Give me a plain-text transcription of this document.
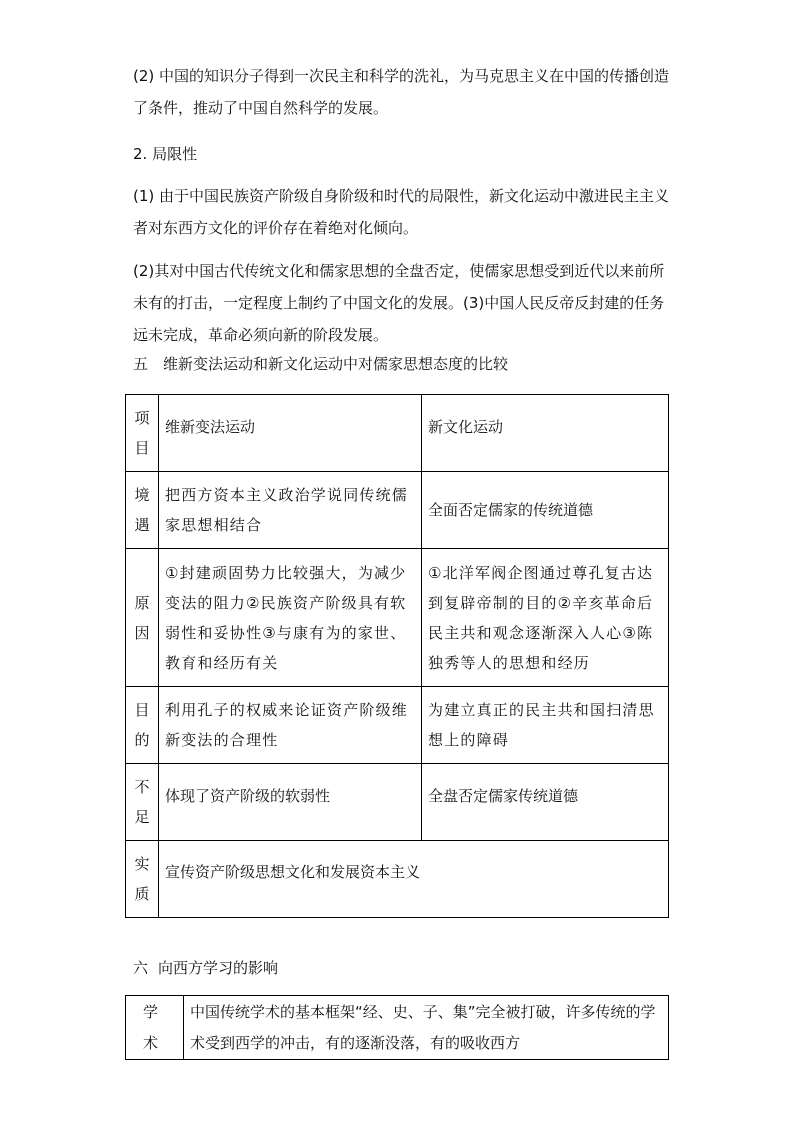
(2) 中国的知识分子得到一次民主和科学的洗礼，为马克思主义在中国的传播创造了条件，推动了中国自然科学的发展。

2. 局限性

(1) 由于中国民族资产阶级自身阶级和时代的局限性，新文化运动中激进民主主义者对东西方文化的评价存在着绝对化倾向。

(2)其对中国古代传统文化和儒家思想的全盘否定，使儒家思想受到近代以来前所未有的打击，一定程度上制约了中国文化的发展。(3)中国人民反帝反封建的任务远未完成，革命必须向新的阶段发展。

五 维新变法运动和新文化运动中对儒家思想态度的比较

项目	维新变法运动	新文化运动
境遇	把西方资本主义政治学说同传统儒家思想相结合	全面否定儒家的传统道德
原因	①封建顽固势力比较强大，为减少变法的阻力②民族资产阶级具有软弱性和妥协性③与康有为的家世、教育和经历有关	①北洋军阀企图通过尊孔复古达到复辟帝制的目的②辛亥革命后民主共和观念逐渐深入人心③陈独秀等人的思想和经历
目的	利用孔子的权威来论证资产阶级维新变法的合理性	为建立真正的民主共和国扫清思想上的障碍
不足	体现了资产阶级的软弱性	全盘否定儒家传统道德
实质	宣传资产阶级思想文化和发展资本主义	

六 向西方学习的影响

学术	中国传统学术的基本框架“经、史、子、集”完全被打破，许多传统的学术受到西学的冲击，有的逐渐没落，有的吸收西方
